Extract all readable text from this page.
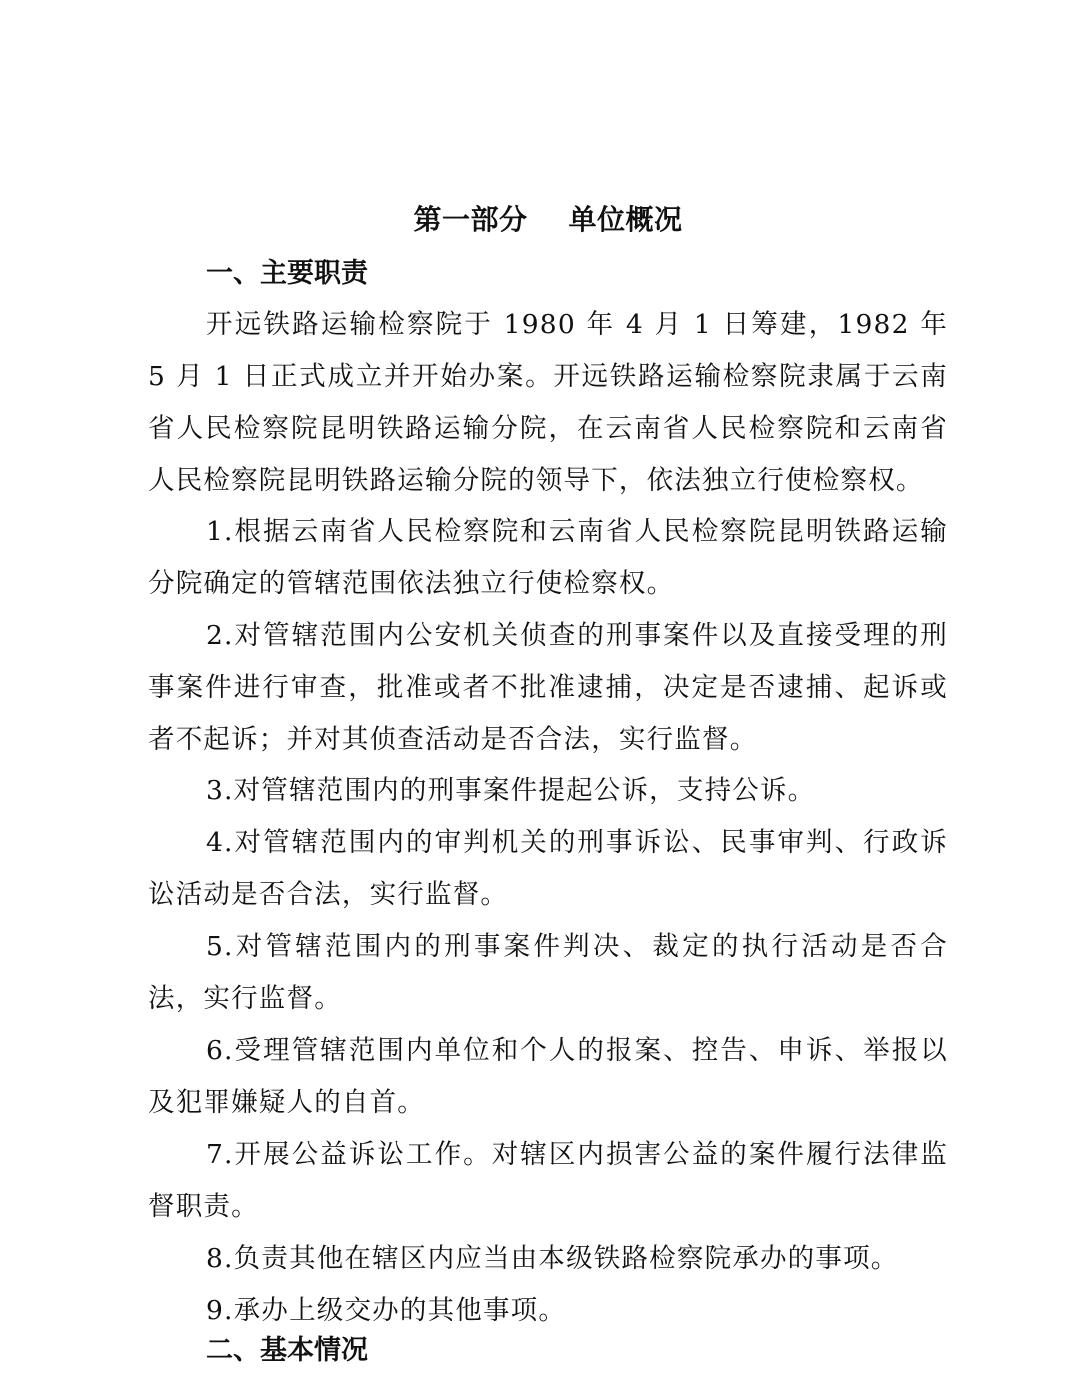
第一部分    单位概况
一、主要职责

开远铁路运输检察院于 1980 年 4 月 1 日筹建，1982 年 5 月 1 日正式成立并开始办案。开远铁路运输检察院隶属于云南省人民检察院昆明铁路运输分院，在云南省人民检察院和云南省人民检察院昆明铁路运输分院的领导下，依法独立行使检察权。

1.根据云南省人民检察院和云南省人民检察院昆明铁路运输分院确定的管辖范围依法独立行使检察权。

2.对管辖范围内公安机关侦查的刑事案件以及直接受理的刑事案件进行审查，批准或者不批准逮捕，决定是否逮捕、起诉或者不起诉；并对其侦查活动是否合法，实行监督。

3.对管辖范围内的刑事案件提起公诉，支持公诉。

4.对管辖范围内的审判机关的刑事诉讼、民事审判、行政诉讼活动是否合法，实行监督。

5.对管辖范围内的刑事案件判决、裁定的执行活动是否合法，实行监督。

6.受理管辖范围内单位和个人的报案、控告、申诉、举报以及犯罪嫌疑人的自首。

7.开展公益诉讼工作。对辖区内损害公益的案件履行法律监督职责。

8.负责其他在辖区内应当由本级铁路检察院承办的事项。

9.承办上级交办的其他事项。

二、基本情况
